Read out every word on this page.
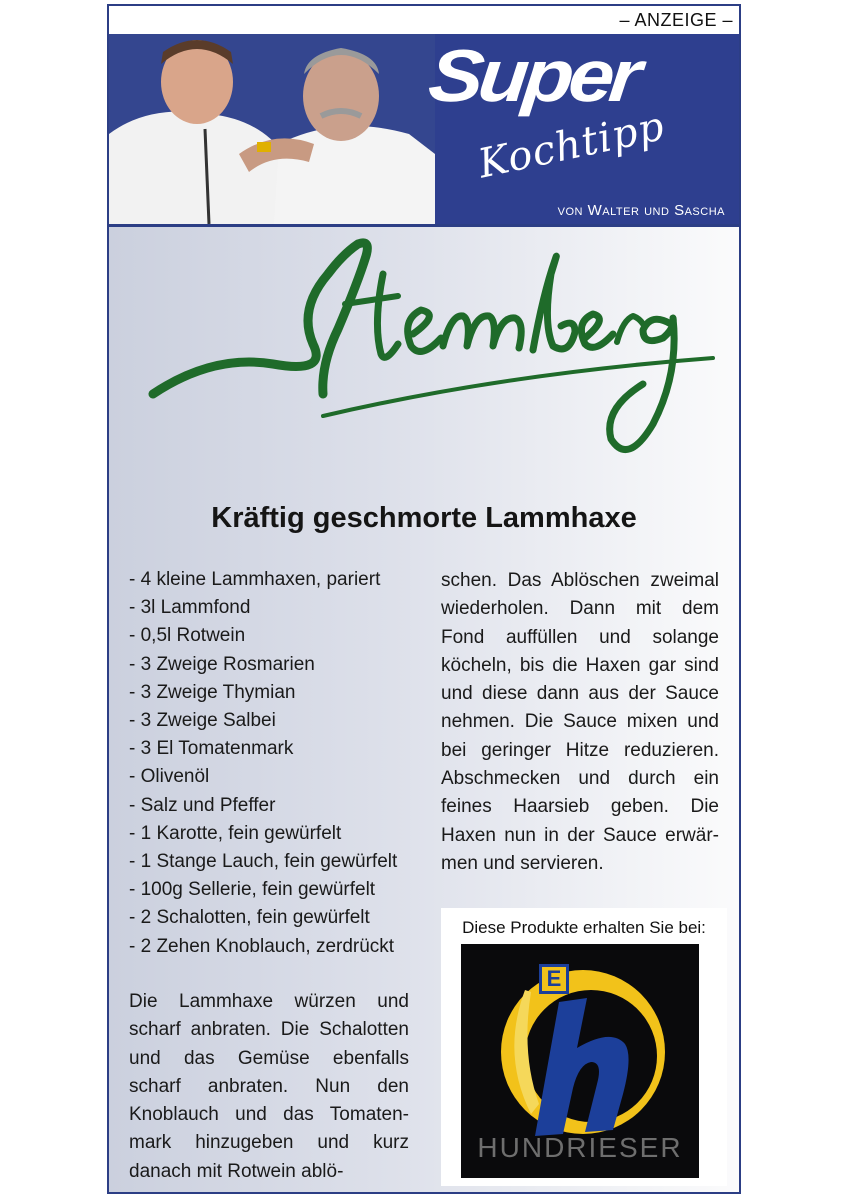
– ANZEIGE –
Super
Kochtipp
von Walter und Sascha
Kräftig geschmorte Lammhaxe
- 4 kleine Lammhaxen, pariert
- 3l Lammfond
- 0,5l Rotwein
- 3 Zweige Rosmarien
- 3 Zweige Thymian
- 3 Zweige Salbei
- 3 El Tomatenmark
- Olivenöl
- Salz und Pfeffer
- 1 Karotte, fein gewürfelt
- 1 Stange Lauch, fein gewürfelt
- 100g Sellerie, fein gewürfelt
- 2 Schalotten, fein gewürfelt
- 2 Zehen Knoblauch, zerdrückt

Die Lammhaxe würzen und scharf anbraten. Die Schalotten und das Gemüse ebenfalls scharf anbraten. Nun den Knoblauch und das Tomatenmark hinzugeben und kurz danach mit Rotwein ablö-

schen. Das Ablöschen zweimal wiederholen. Dann mit dem Fond auffüllen und solange köcheln, bis die Haxen gar sind und diese dann aus der Sauce nehmen. Die Sauce mixen und bei geringer Hitze reduzieren. Abschmecken und durch ein feines Haarsieb geben. Die Haxen nun in der Sauce erwärmen und servieren.

Diese Produkte erhalten Sie bei:
HUNDRIESER
E
